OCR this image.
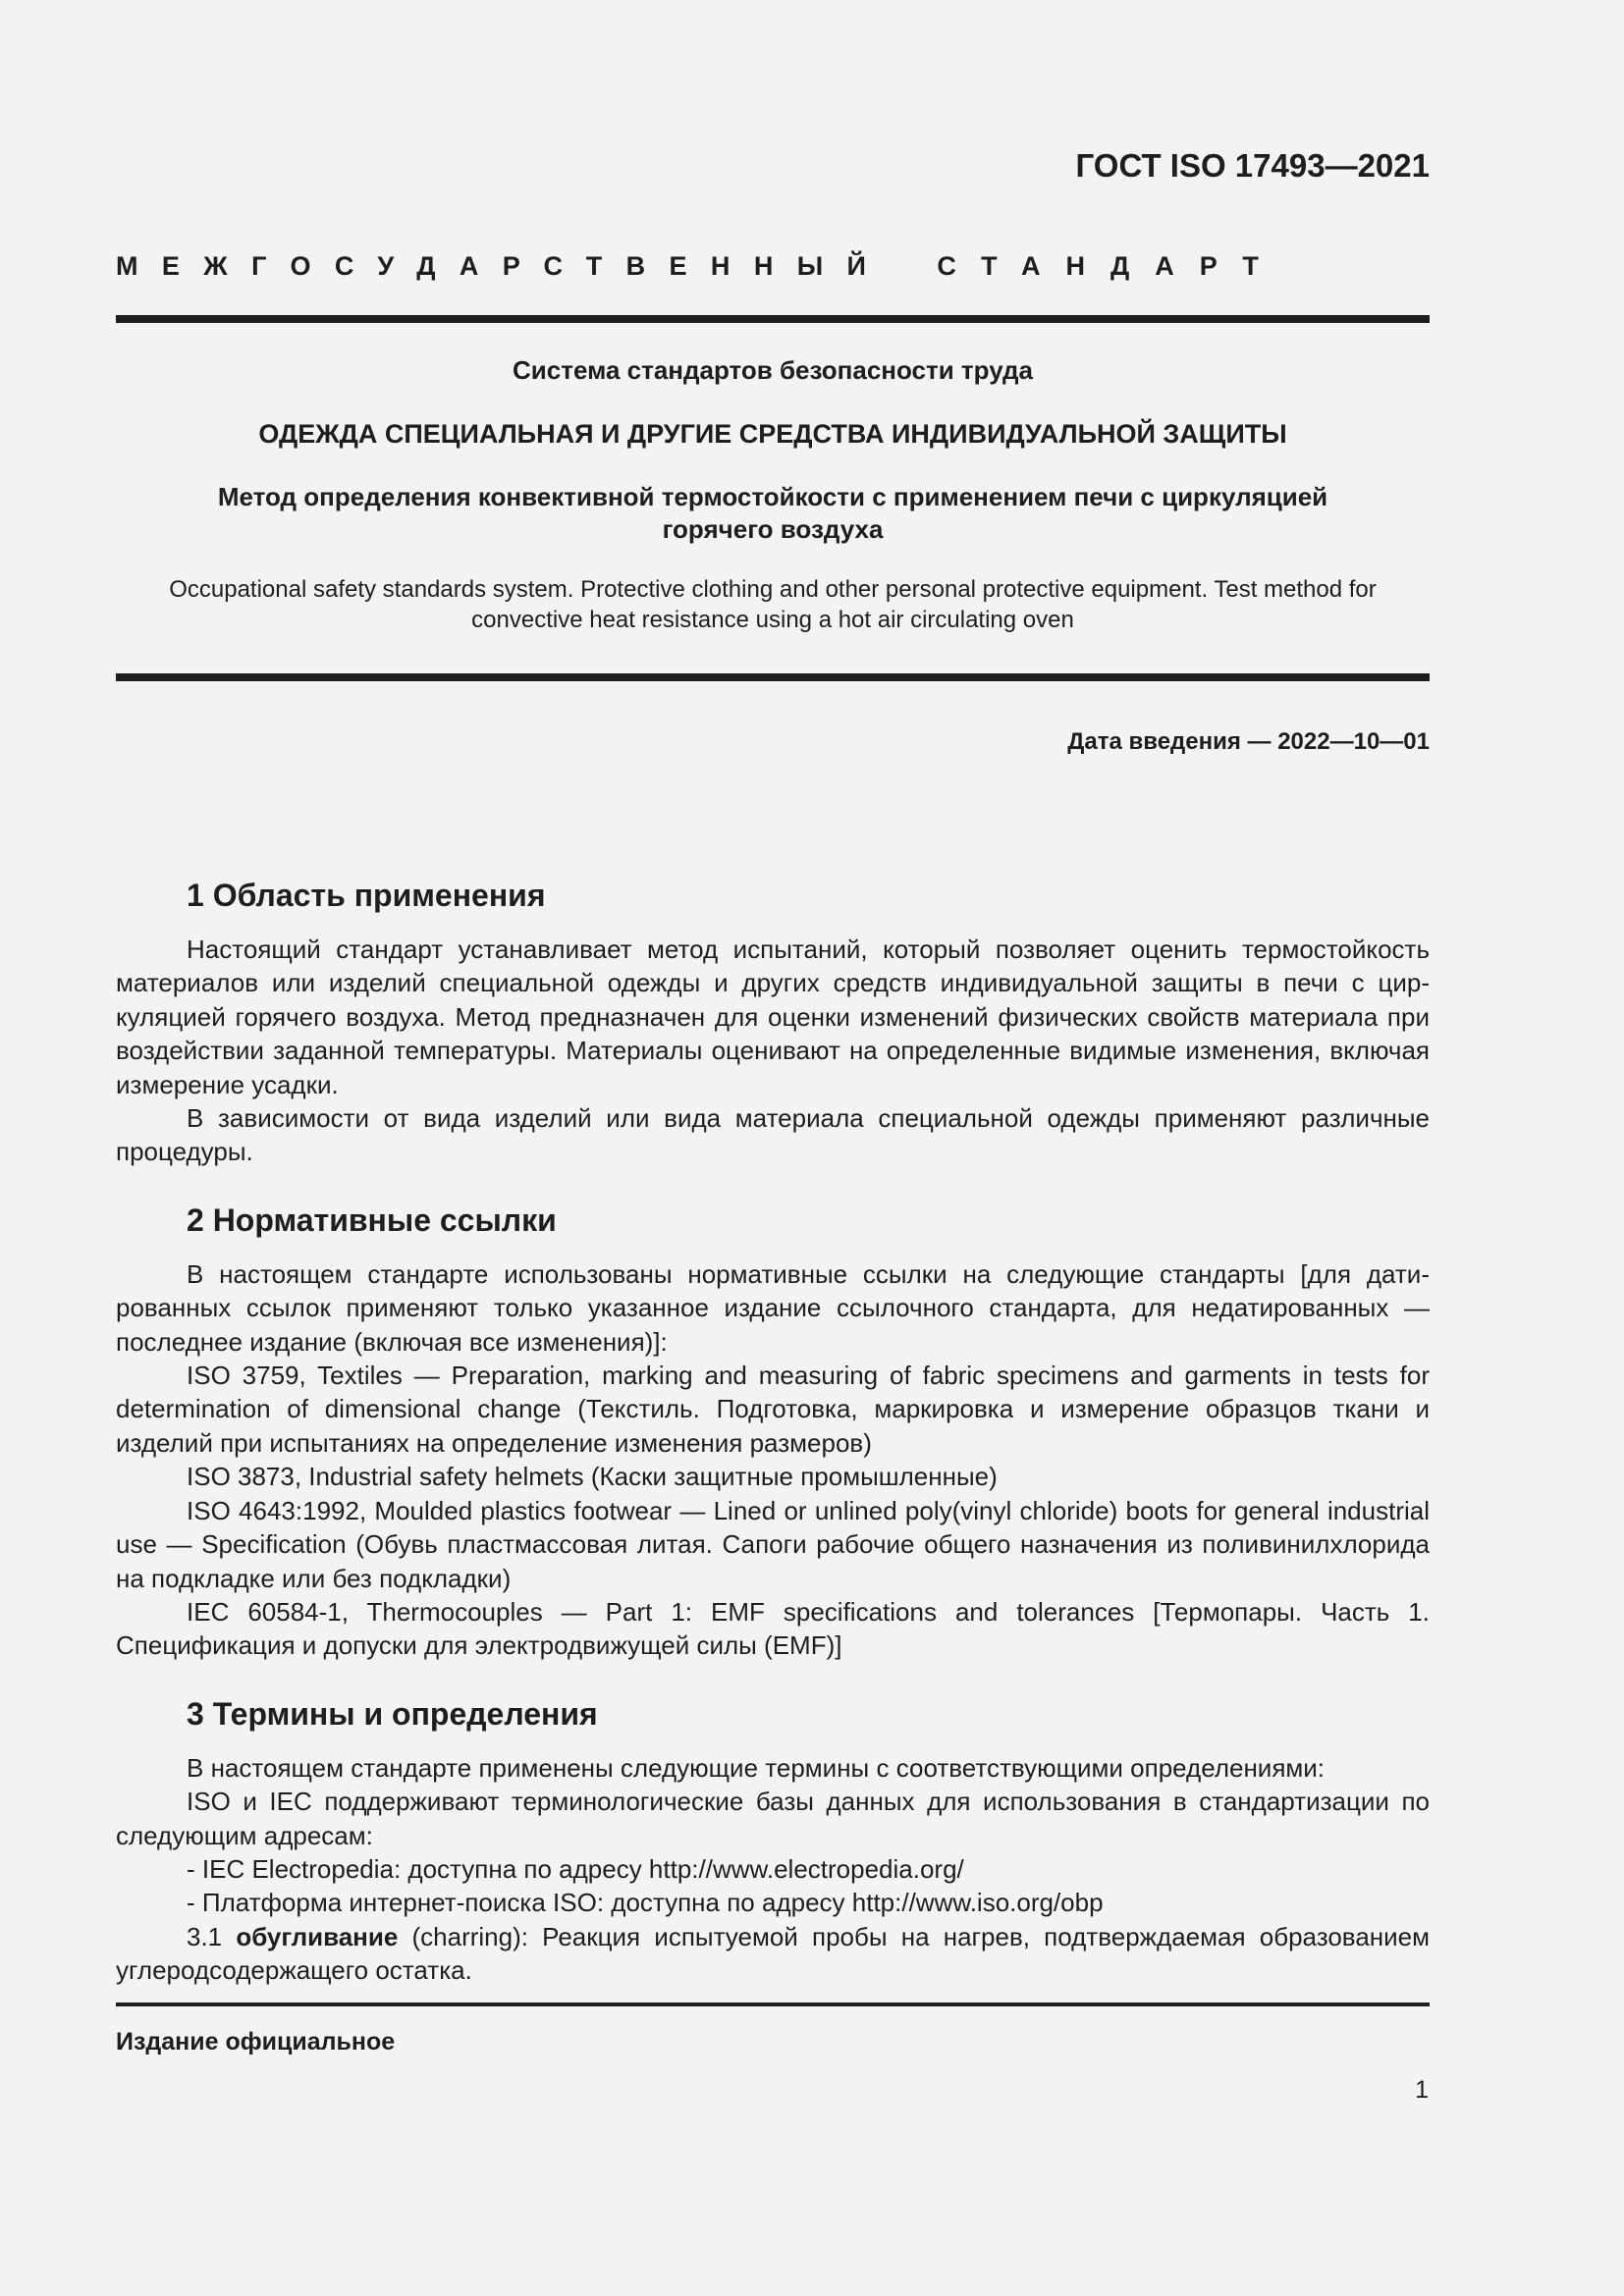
ГОСТ ISO 17493—2021

МЕЖГОСУДАРСТВЕННЫЙ СТАНДАРТ

Система стандартов безопасности труда

ОДЕЖДА СПЕЦИАЛЬНАЯ И ДРУГИЕ СРЕДСТВА ИНДИВИДУАЛЬНОЙ ЗАЩИТЫ

Метод определения конвективной термостойкости с применением печи с циркуляцией
горячего воздуха

Occupational safety standards system. Protective clothing and other personal protective equipment. Test method for
convective heat resistance using a hot air circulating oven

Дата введения — 2022—10—01

1 Область применения

Настоящий стандарт устанавливает метод испытаний, который позволяет оценить термостойкость материалов или изделий специальной одежды и других средств индивидуальной защиты в печи с циркуляцией горячего воздуха. Метод предназначен для оценки изменений физических свойств материала при воздействии заданной температуры. Материалы оценивают на определенные видимые изменения, включая измерение усадки.

В зависимости от вида изделий или вида материала специальной одежды применяют различные процедуры.

2 Нормативные ссылки

В настоящем стандарте использованы нормативные ссылки на следующие стандарты [для датированных ссылок применяют только указанное издание ссылочного стандарта, для недатированных — последнее издание (включая все изменения)]:

ISO 3759, Textiles — Preparation, marking and measuring of fabric specimens and garments in tests for determination of dimensional change (Текстиль. Подготовка, маркировка и измерение образцов ткани и изделий при испытаниях на определение изменения размеров)

ISO 3873, Industrial safety helmets (Каски защитные промышленные)

ISO 4643:1992, Moulded plastics footwear — Lined or unlined poly(vinyl chloride) boots for general industrial use — Specification (Обувь пластмассовая литая. Сапоги рабочие общего назначения из поливинилхлорида на подкладке или без подкладки)

IEC 60584-1, Thermocouples — Part 1: EMF specifications and tolerances [Термопары. Часть 1. Спецификация и допуски для электродвижущей силы (EMF)]

3 Термины и определения

В настоящем стандарте применены следующие термины с соответствующими определениями:

ISO и IEC поддерживают терминологические базы данных для использования в стандартизации по следующим адресам:

- IEC Electropedia: доступна по адресу http://www.electropedia.org/

- Платформа интернет-поиска ISO: доступна по адресу http://www.iso.org/obp

3.1 обугливание (charring): Реакция испытуемой пробы на нагрев, подтверждаемая образованием углеродсодержащего остатка.

Издание официальное

1
